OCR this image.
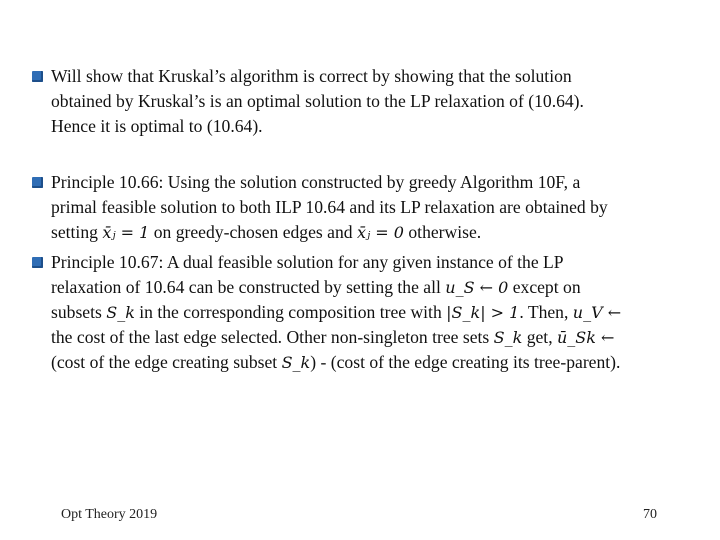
Will show that Kruskal’s algorithm is correct by showing that the solution
obtained by Kruskal’s is an optimal solution to the LP relaxation of (10.64).
Hence it is optimal to (10.64).
Principle 10.66: Using the solution constructed by greedy Algorithm 10F, a
primal feasible solution to both ILP 10.64 and its LP relaxation are obtained by
setting x̄ⱼ = 1 on greedy-chosen edges and x̄ⱼ = 0 otherwise.
Principle 10.67: A dual feasible solution for any given instance of the LP
relaxation of 10.64 can be constructed by setting the all u_S ← 0 except on
subsets S_k in the corresponding composition tree with |S_k| > 1. Then, u_V ←
the cost of the last edge selected. Other non-singleton tree sets S_k get, ū_Sk ←
(cost of the edge creating subset S_k) - (cost of the edge creating its tree-parent).
Opt Theory 2019	70
